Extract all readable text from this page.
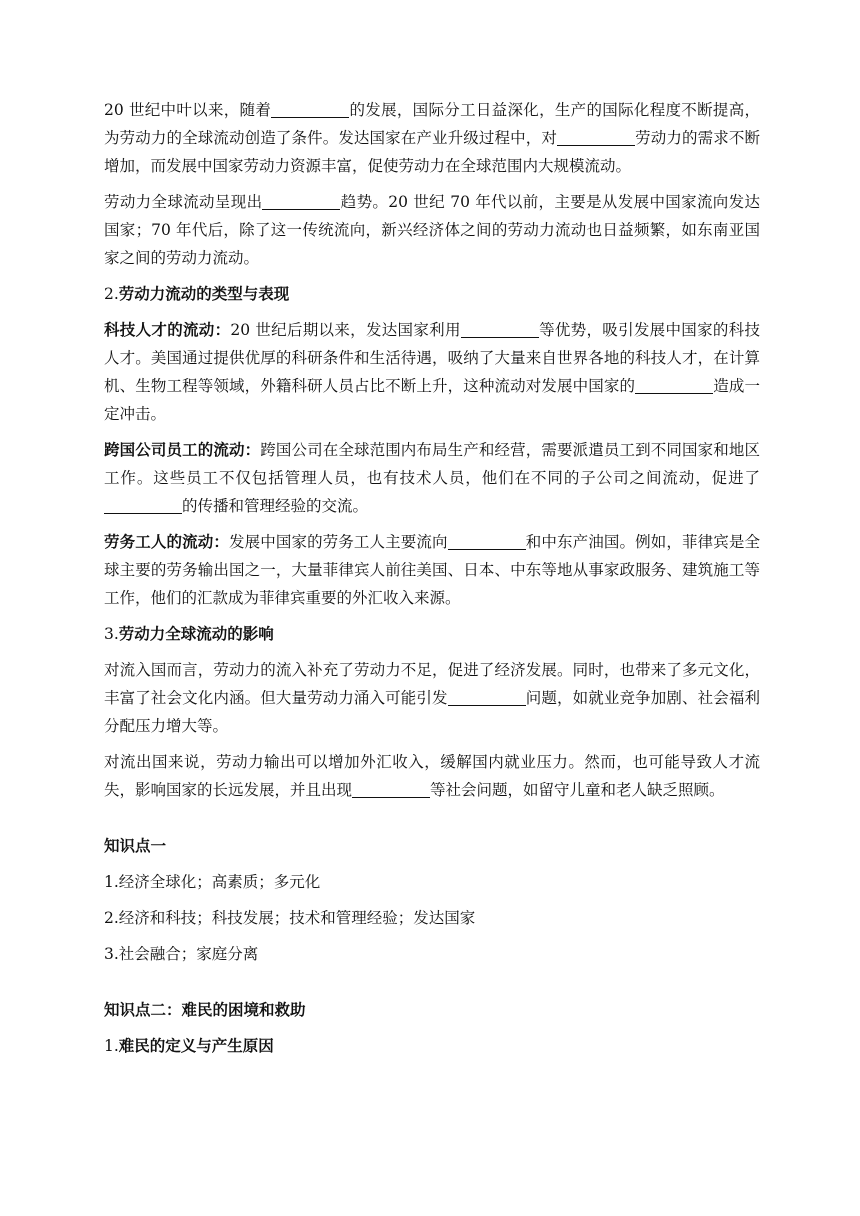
20 世纪中叶以来，随着	的发展，国际分工日益深化，生产的国际化程度不断提高，为劳动力的全球流动创造了条件。发达国家在产业升级过程中，对	劳动力的需求不断增加，而发展中国家劳动力资源丰富，促使劳动力在全球范围内大规模流动。

劳动力全球流动呈现出	趋势。20 世纪 70 年代以前，主要是从发展中国家流向发达国家；70 年代后，除了这一传统流向，新兴经济体之间的劳动力流动也日益频繁，如东南亚国家之间的劳动力流动。

2.劳动力流动的类型与表现

科技人才的流动：20 世纪后期以来，发达国家利用	等优势，吸引发展中国家的科技人才。美国通过提供优厚的科研条件和生活待遇，吸纳了大量来自世界各地的科技人才，在计算机、生物工程等领域，外籍科研人员占比不断上升，这种流动对发展中国家的	造成一定冲击。

跨国公司员工的流动：跨国公司在全球范围内布局生产和经营，需要派遣员工到不同国家和地区工作。这些员工不仅包括管理人员，也有技术人员，他们在不同的子公司之间流动，促进了的传播和管理经验的交流。

劳务工人的流动：发展中国家的劳务工人主要流向	和中东产油国。例如，菲律宾是全球主要的劳务输出国之一，大量菲律宾人前往美国、日本、中东等地从事家政服务、建筑施工等工作，他们的汇款成为菲律宾重要的外汇收入来源。

3.劳动力全球流动的影响

对流入国而言，劳动力的流入补充了劳动力不足，促进了经济发展。同时，也带来了多元文化，丰富了社会文化内涵。但大量劳动力涌入可能引发	问题，如就业竞争加剧、社会福利分配压力增大等。

对流出国来说，劳动力输出可以增加外汇收入，缓解国内就业压力。然而，也可能导致人才流失，影响国家的长远发展，并且出现	等社会问题，如留守儿童和老人缺乏照顾。

知识点一

1.经济全球化；高素质；多元化

2.经济和科技；科技发展；技术和管理经验；发达国家

3.社会融合；家庭分离

知识点二：难民的困境和救助

1.难民的定义与产生原因
